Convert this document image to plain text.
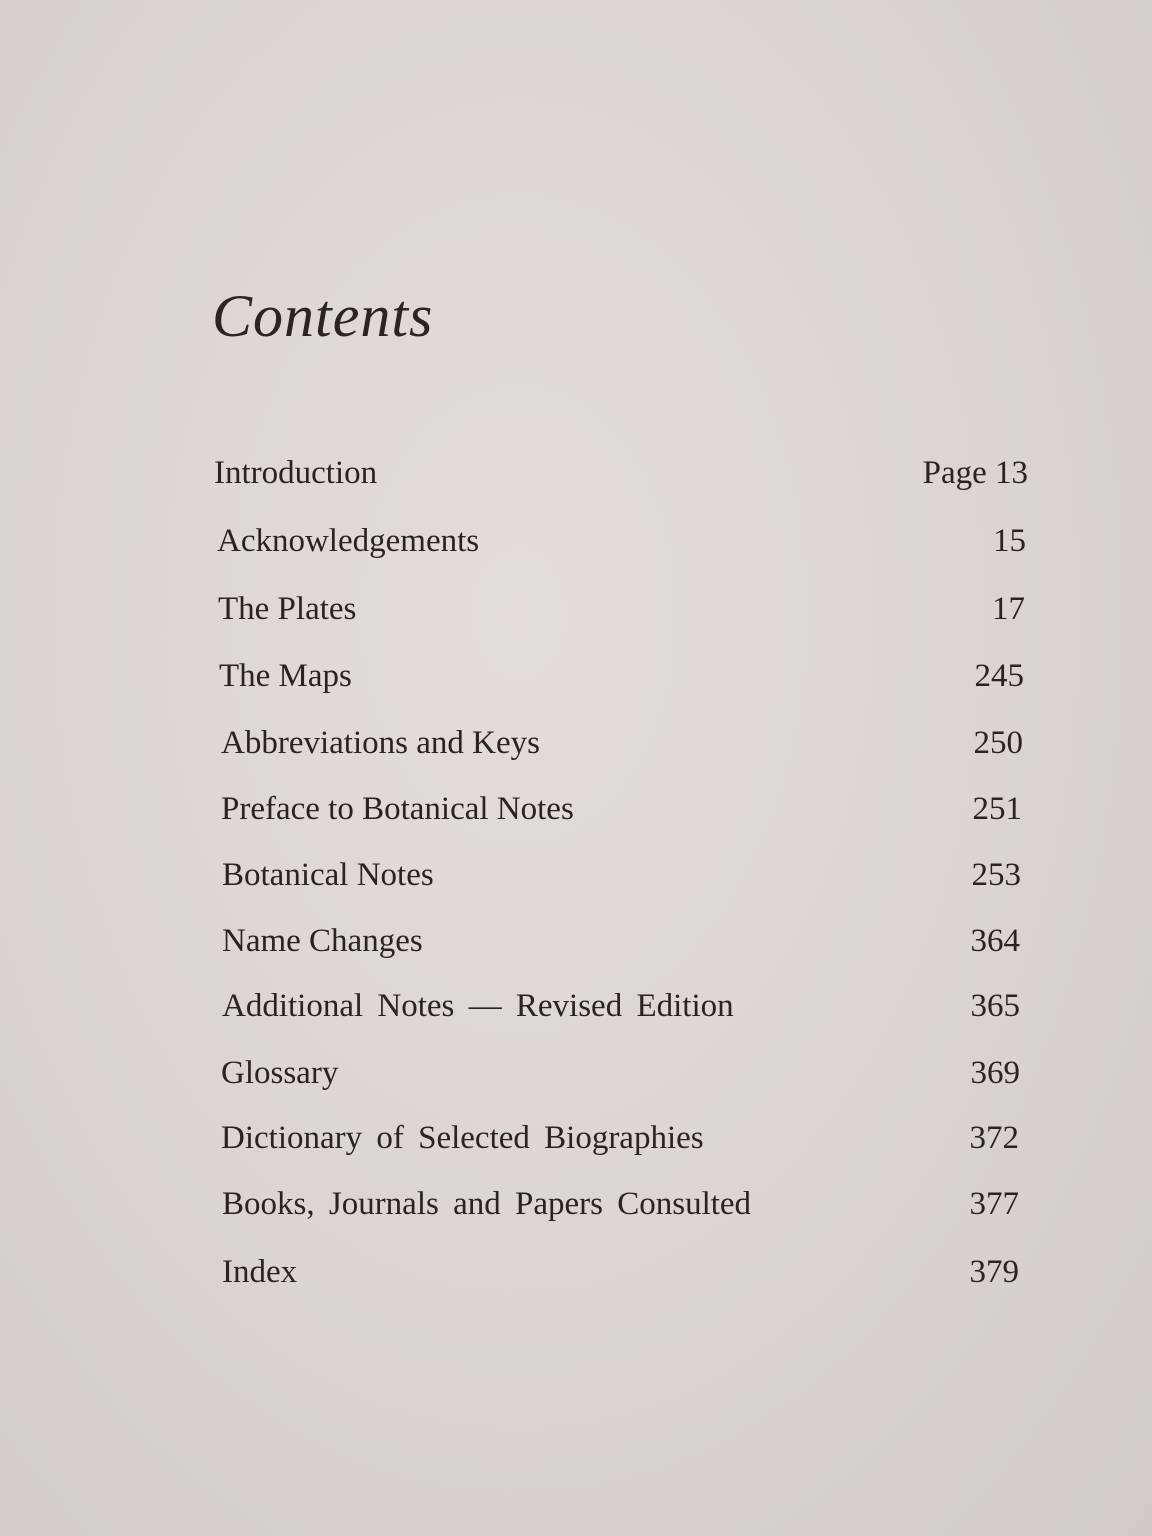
Contents
Introduction	Page 13
Acknowledgements	15
The Plates	17
The Maps	245
Abbreviations and Keys	250
Preface to Botanical Notes	251
Botanical Notes	253
Name Changes	364
Additional Notes — Revised Edition	365
Glossary	369
Dictionary of Selected Biographies	372
Books, Journals and Papers Consulted	377
Index	379
